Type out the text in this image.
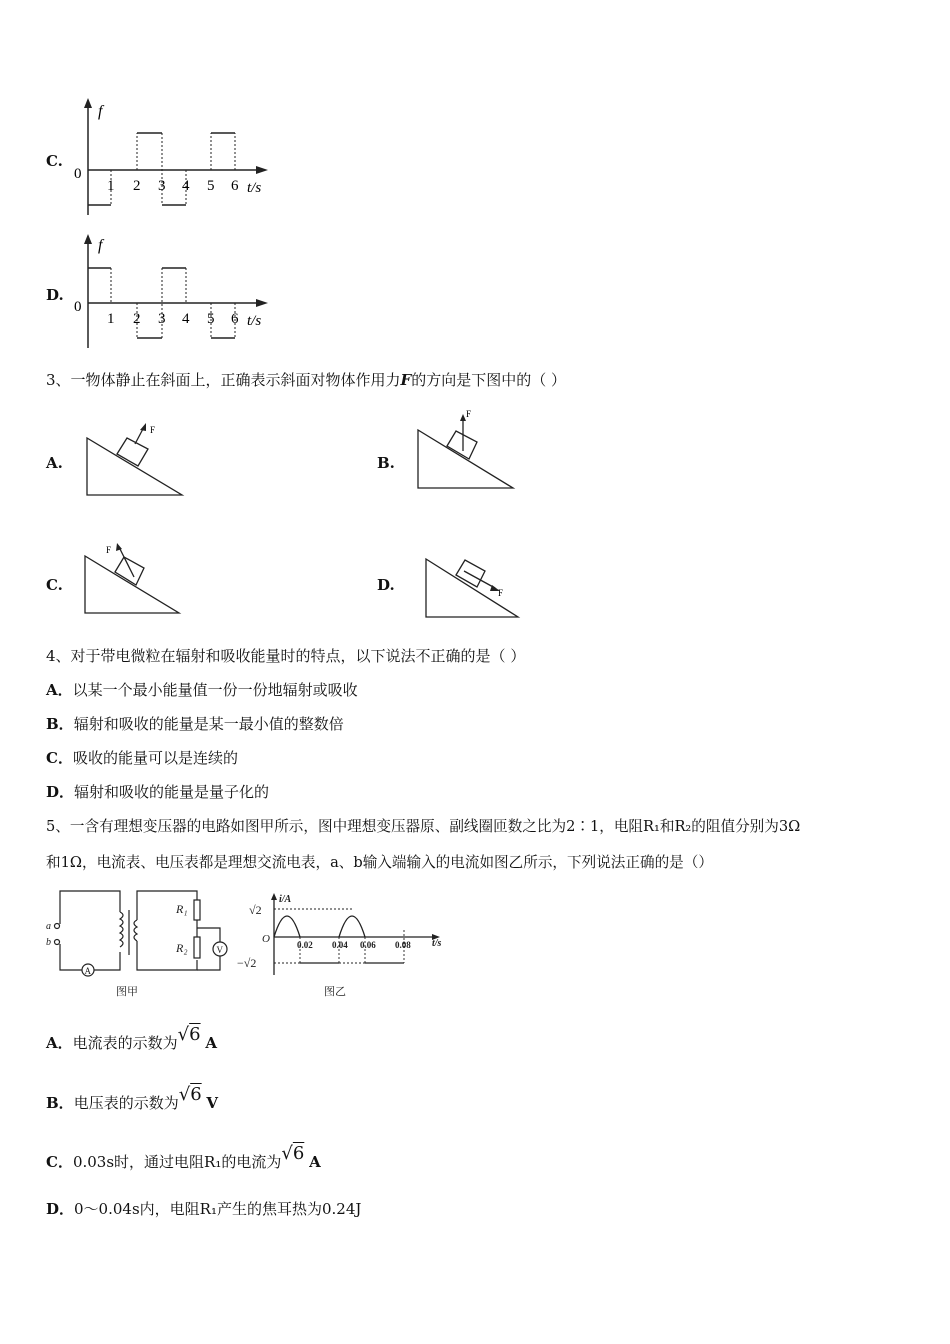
C.
f
0
1 2 3 4 5 6 t/s
D.
f
0
1 2 3 4 5 6 t/s
3、一物体静止在斜面上，正确表示斜面对物体作用力F的方向是下图中的（ ）
A.	B.
C.	D.
F
F
F
F
4、对于带电微粒在辐射和吸收能量时的特点，以下说法不正确的是（ ）
A．以某一个最小能量值一份一份地辐射或吸收
B．辐射和吸收的能量是某一最小值的整数倍
C．吸收的能量可以是连续的
D．辐射和吸收的能量是量子化的
5、一含有理想变压器的电路如图甲所示，图中理想变压器原、副线圈匝数之比为2∶1，电阻R₁和R₂的阻值分别为3Ω
和1Ω，电流表、电压表都是理想交流电表，a、b输入端输入的电流如图乙所示，下列说法正确的是（）
a
b
R₁
R₂
A
V
图甲
i/A
√2
O
−√2
0.02 0.04 0.06 0.08 t/s
图乙
A．电流表的示数为√6 A
B．电压表的示数为√6 V
C．0.03s时，通过电阻R₁的电流为√6 A
D．0～0.04s内，电阻R₁产生的焦耳热为0.24J
